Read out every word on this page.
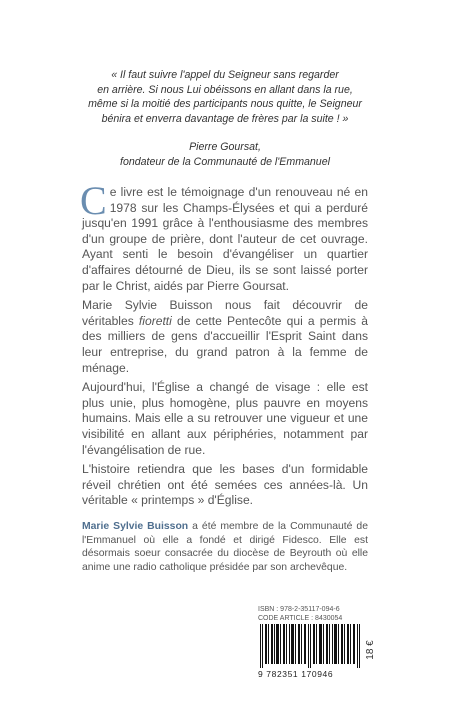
« Il faut suivre l'appel du Seigneur sans regarder

en arrière. Si nous Lui obéissons en allant dans la rue,

même si la moitié des participants nous quitte, le Seigneur

bénira et enverra davantage de frères par la suite ! »

Pierre Goursat,
fondateur de la Communauté de l'Emmanuel

Ce livre est le témoignage d'un renouveau né en 1978 sur les Champs-Élysées et qui a perduré jusqu'en 1991 grâce à l'enthousiasme des membres d'un groupe de prière, dont l'auteur de cet ouvrage. Ayant senti le besoin d'évangéliser un quartier d'affaires détourné de Dieu, ils se sont laissé porter par le Christ, aidés par Pierre Goursat.

Marie Sylvie Buisson nous fait découvrir de véritables fioretti de cette Pentecôte qui a permis à des milliers de gens d'accueillir l'Esprit Saint dans leur entreprise, du grand patron à la femme de ménage.

Aujourd'hui, l'Église a changé de visage : elle est plus unie, plus homogène, plus pauvre en moyens humains. Mais elle a su retrouver une vigueur et une visibilité en allant aux périphéries, notamment par l'évangélisation de rue.

L'histoire retiendra que les bases d'un formidable réveil chrétien ont été semées ces années-là. Un véritable « printemps » d'Église.

Marie Sylvie Buisson a été membre de la Communauté de l'Emmanuel où elle a fondé et dirigé Fidesco. Elle est désormais soeur consacrée du diocèse de Beyrouth où elle anime une radio catholique présidée par son archevêque.

ISBN : 978-2-35117-094-6
CODE ARTICLE : 8430054
9 782351 170946
18 €
